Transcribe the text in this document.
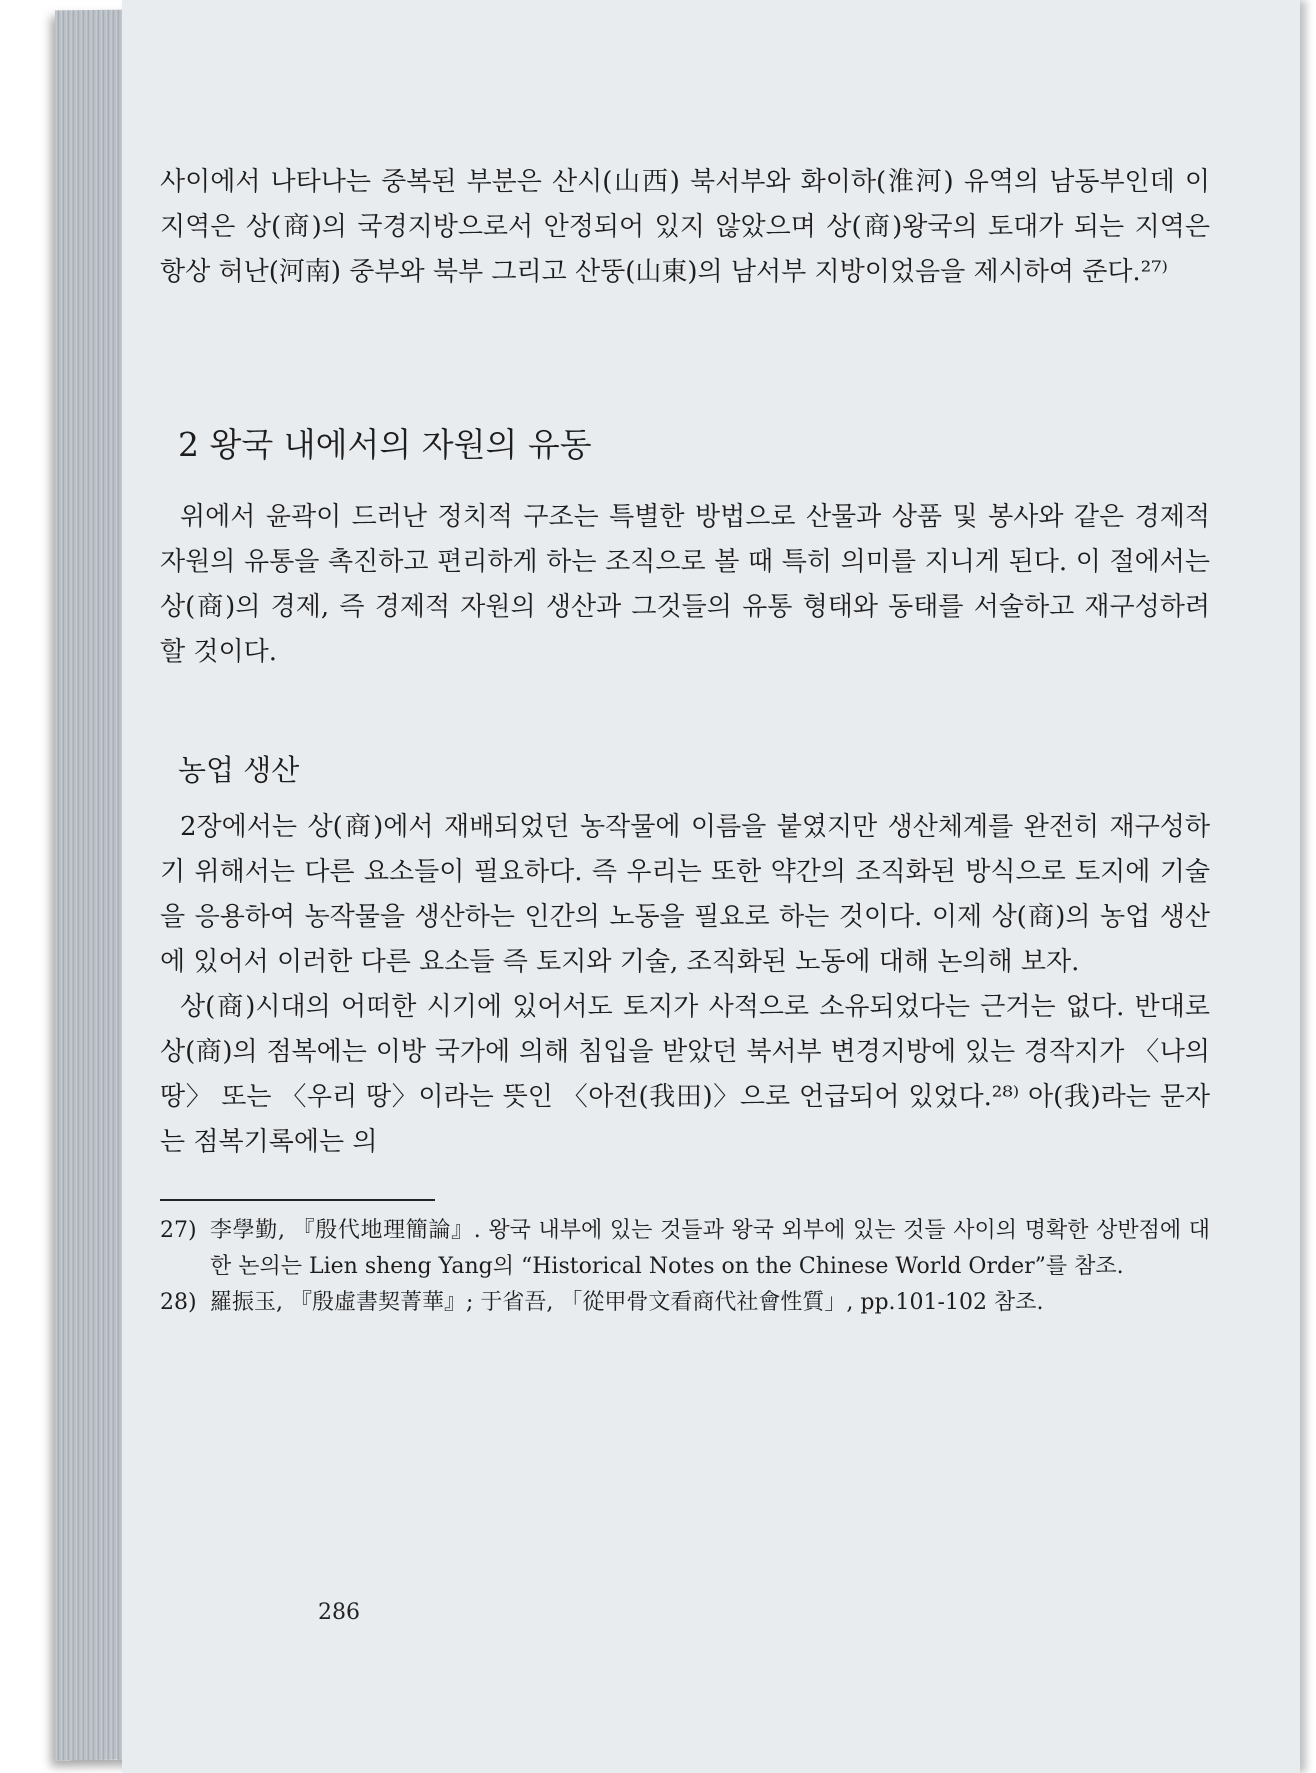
사이에서 나타나는 중복된 부분은 산시(山西) 북서부와 화이하(淮河) 유역의 남동부인데 이 지역은 상(商)의 국경지방으로서 안정되어 있지 않았으며 상(商)왕국의 토대가 되는 지역은 항상 허난(河南) 중부와 북부 그리고 산뚱(山東)의 남서부 지방이었음을 제시하여 준다.²⁷⁾

2 왕국 내에서의 자원의 유동

위에서 윤곽이 드러난 정치적 구조는 특별한 방법으로 산물과 상품 및 봉사와 같은 경제적 자원의 유통을 촉진하고 편리하게 하는 조직으로 볼 때 특히 의미를 지니게 된다. 이 절에서는 상(商)의 경제, 즉 경제적 자원의 생산과 그것들의 유통 형태와 동태를 서술하고 재구성하려 할 것이다.

농업 생산

2장에서는 상(商)에서 재배되었던 농작물에 이름을 붙였지만 생산체계를 완전히 재구성하기 위해서는 다른 요소들이 필요하다. 즉 우리는 또한 약간의 조직화된 방식으로 토지에 기술을 응용하여 농작물을 생산하는 인간의 노동을 필요로 하는 것이다. 이제 상(商)의 농업 생산에 있어서 이러한 다른 요소들 즉 토지와 기술, 조직화된 노동에 대해 논의해 보자.

상(商)시대의 어떠한 시기에 있어서도 토지가 사적으로 소유되었다는 근거는 없다. 반대로 상(商)의 점복에는 이방 국가에 의해 침입을 받았던 북서부 변경지방에 있는 경작지가 〈나의 땅〉 또는 〈우리 땅〉이라는 뜻인 〈아전(我田)〉으로 언급되어 있었다.²⁸⁾ 아(我)라는 문자는 점복기록에는 의

27) 李學勤, 『殷代地理簡論』. 왕국 내부에 있는 것들과 왕국 외부에 있는 것들 사이의 명확한 상반점에 대한 논의는 Lien sheng Yang의 “Historical Notes on the Chinese World Order”를 참조.
28) 羅振玉, 『殷虛書契菁華』; 于省吾, 「從甲骨文看商代社會性質」, pp.101-102 참조.
286
